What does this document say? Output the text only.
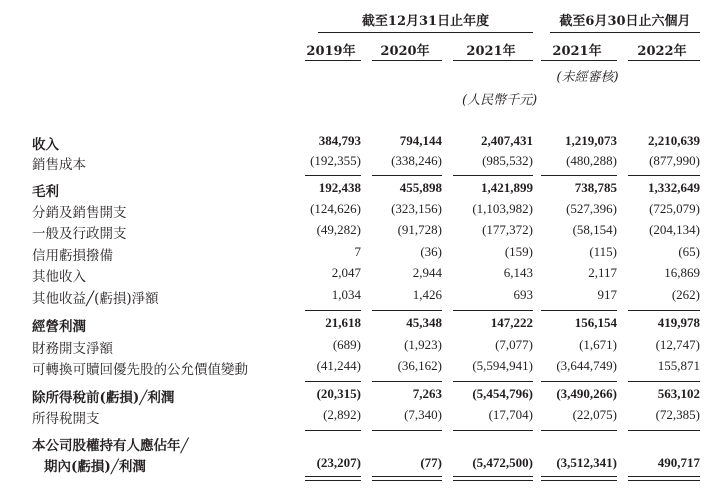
截至12月31日止年度	截至6月30日止六個月
2019年	2020年	2021年	2021年	2022年
(未經審核)
(人民幣千元)
收入	384,793	794,144	2,407,431	1,219,073	2,210,639
銷售成本	(192,355)	(338,246)	(985,532)	(480,288)	(877,990)
毛利	192,438	455,898	1,421,899	738,785	1,332,649
分銷及銷售開支	(124,626)	(323,156)	(1,103,982)	(527,396)	(725,079)
一般及行政開支	(49,282)	(91,728)	(177,372)	(58,154)	(204,134)
信用虧損撥備	7	(36)	(159)	(115)	(65)
其他收入	2,047	2,944	6,143	2,117	16,869
其他收益╱(虧損)淨額	1,034	1,426	693	917	(262)
經營利潤	21,618	45,348	147,222	156,154	419,978
財務開支淨額	(689)	(1,923)	(7,077)	(1,671)	(12,747)
可轉換可贖回優先股的公允價值變動	(41,244)	(36,162)	(5,594,941)	(3,644,749)	155,871
除所得稅前(虧損)╱利潤	(20,315)	7,263	(5,454,796)	(3,490,266)	563,102
所得稅開支	(2,892)	(7,340)	(17,704)	(22,075)	(72,385)
本公司股權持有人應佔年╱
期內(虧損)╱利潤	(23,207)	(77)	(5,472,500)	(3,512,341)	490,717
